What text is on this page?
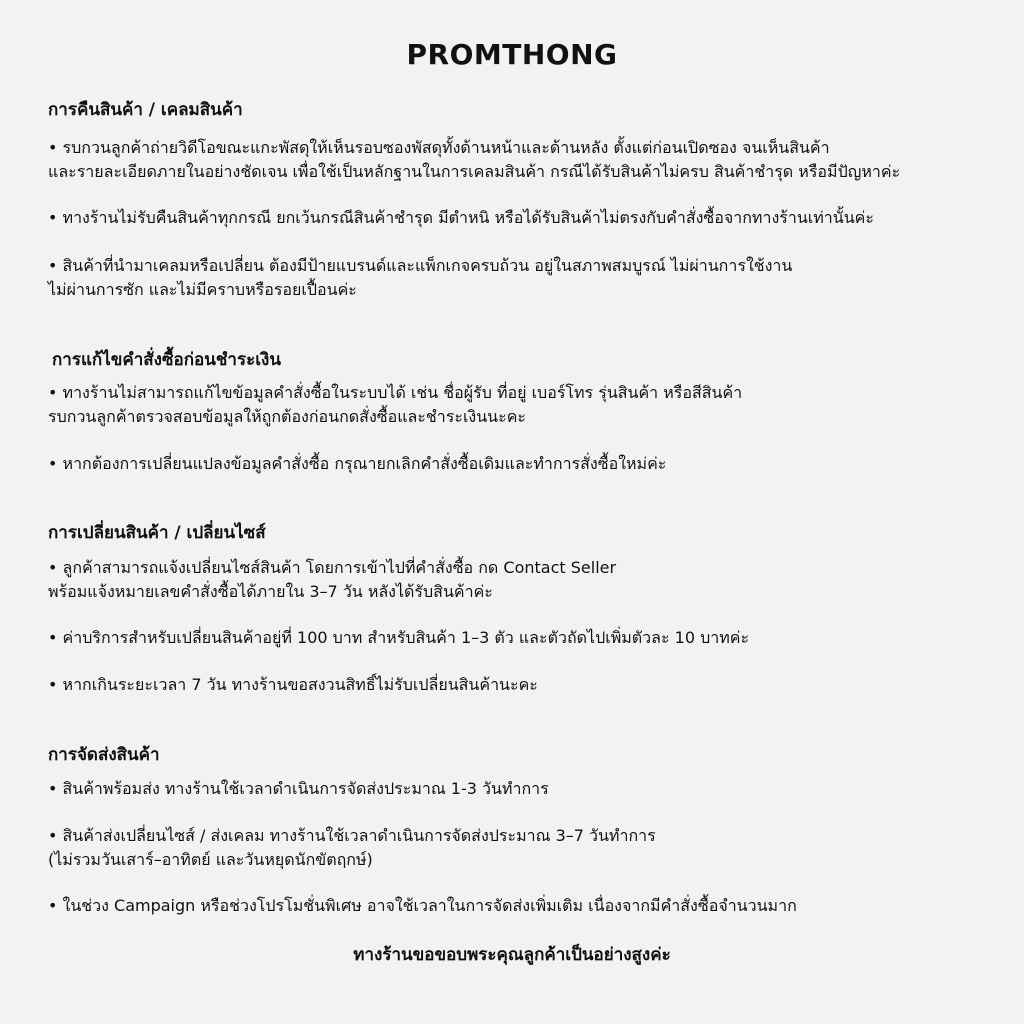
PROMTHONG
การคืนสินค้า / เคลมสินค้า
• รบกวนลูกค้าถ่ายวิดีโอขณะแกะพัสดุให้เห็นรอบซองพัสดุทั้งด้านหน้าและด้านหลัง ตั้งแต่ก่อนเปิดซอง จนเห็นสินค้า
และรายละเอียดภายในอย่างชัดเจน เพื่อใช้เป็นหลักฐานในการเคลมสินค้า กรณีได้รับสินค้าไม่ครบ สินค้าชำรุด หรือมีปัญหาค่ะ
• ทางร้านไม่รับคืนสินค้าทุกกรณี ยกเว้นกรณีสินค้าชำรุด มีตำหนิ หรือได้รับสินค้าไม่ตรงกับคำสั่งซื้อจากทางร้านเท่านั้นค่ะ
• สินค้าที่นำมาเคลมหรือเปลี่ยน ต้องมีป้ายแบรนด์และแพ็กเกจครบถ้วน อยู่ในสภาพสมบูรณ์ ไม่ผ่านการใช้งาน
ไม่ผ่านการซัก และไม่มีคราบหรือรอยเปื้อนค่ะ
การแก้ไขคำสั่งซื้อก่อนชำระเงิน
• ทางร้านไม่สามารถแก้ไขข้อมูลคำสั่งซื้อในระบบได้ เช่น ชื่อผู้รับ ที่อยู่ เบอร์โทร รุ่นสินค้า หรือสีสินค้า
รบกวนลูกค้าตรวจสอบข้อมูลให้ถูกต้องก่อนกดสั่งซื้อและชำระเงินนะคะ
• หากต้องการเปลี่ยนแปลงข้อมูลคำสั่งซื้อ กรุณายกเลิกคำสั่งซื้อเดิมและทำการสั่งซื้อใหม่ค่ะ
การเปลี่ยนสินค้า / เปลี่ยนไซส์
• ลูกค้าสามารถแจ้งเปลี่ยนไซส์สินค้า โดยการเข้าไปที่คำสั่งซื้อ กด Contact Seller
พร้อมแจ้งหมายเลขคำสั่งซื้อได้ภายใน 3–7 วัน หลังได้รับสินค้าค่ะ
• ค่าบริการสำหรับเปลี่ยนสินค้าอยู่ที่ 100 บาท สำหรับสินค้า 1–3 ตัว และตัวถัดไปเพิ่มตัวละ 10 บาทค่ะ
• หากเกินระยะเวลา 7 วัน ทางร้านขอสงวนสิทธิ์ไม่รับเปลี่ยนสินค้านะคะ
การจัดส่งสินค้า
• สินค้าพร้อมส่ง ทางร้านใช้เวลาดำเนินการจัดส่งประมาณ 1-3 วันทำการ
• สินค้าส่งเปลี่ยนไซส์ / ส่งเคลม ทางร้านใช้เวลาดำเนินการจัดส่งประมาณ 3–7 วันทำการ
(ไม่รวมวันเสาร์–อาทิตย์ และวันหยุดนักขัตฤกษ์)
• ในช่วง Campaign หรือช่วงโปรโมชั่นพิเศษ อาจใช้เวลาในการจัดส่งเพิ่มเติม เนื่องจากมีคำสั่งซื้อจำนวนมาก
ทางร้านขอขอบพระคุณลูกค้าเป็นอย่างสูงค่ะ
